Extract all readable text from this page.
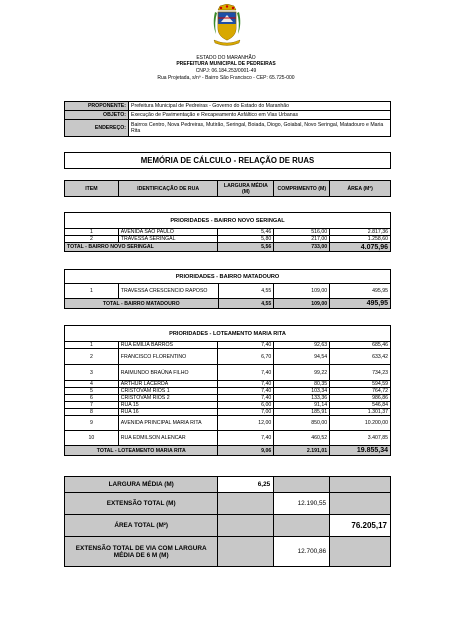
ESTADO DO MARANHÃO
PREFEITURA MUNICIPAL DE PEDREIRAS
CNPJ: 06.184.253/0001-49
Rua Projetada, s/nº - Bairro São Francisco - CEP: 65.725-000
PROPONENTE:	Prefeitura Municipal de Pedreiras - Governo do Estado do Maranhão
OBJETO:	Execução de Pavimentação e Recapeamento Asfáltico em Vias Urbanas
ENDEREÇO:	Bairros Centro, Nova Pedreiras, Mutirão, Seringal, Boiada, Diogo, Goiabal, Novo Seringal, Matadouro e Maria Rita
MEMÓRIA DE CÁLCULO - RELAÇÃO DE RUAS
ITEM	IDENTIFICAÇÃO DE RUA	LARGURA MÉDIA (M)	COMPRIMENTO (M)	ÁREA (M²)
PRIORIDADES - BAIRRO NOVO SERINGAL				
1	AVENIDA SÃO PAULO	5,46	516,00	2.817,36
2	TRAVESSA SERINGAL	5,80	217,00	1.258,60
TOTAL - BAIRRO NOVO SERINGAL		5,56	733,00	4.075,96
PRIORIDADES - BAIRRO MATADOURO				
1	TRAVESSA CRESCENCIO RAPOSO	4,55	109,00	495,95
TOTAL - BAIRRO MATADOURO		4,55	109,00	495,95
PRIORIDADES - LOTEAMENTO MARIA RITA				
1	RUA EMÍLIA BARROS	7,40	92,63	685,46
2	FRANCISCO FLORENTINO	6,70	94,54	633,42
3	RAIMUNDO BRAÚNA FILHO	7,40	99,22	734,23
4	ARTHUR LACERDA	7,40	80,35	594,59
5	CRISTOVAM RIOS 1	7,40	103,34	764,72
6	CRISTOVAM RIOS 2	7,40	133,36	986,86
7	RUA 15	6,00	91,14	546,84
8	RUA 16	7,00	185,91	1.301,37
9	AVENIDA PRINCIPAL MARIA RITA	12,00	850,00	10.200,00
10	RUA EDMILSON ALENCAR	7,40	460,52	3.407,85
TOTAL - LOTEAMENTO MARIA RITA		9,06	2.191,01	19.855,34
LARGURA MÉDIA (M)	6,25		
EXTENSÃO TOTAL (M)		12.190,55	
ÁREA TOTAL (M²)			76.205,17
EXTENSÃO TOTAL DE VIA COM LARGURA MÉDIA DE 6 M (M)		12.700,86	
